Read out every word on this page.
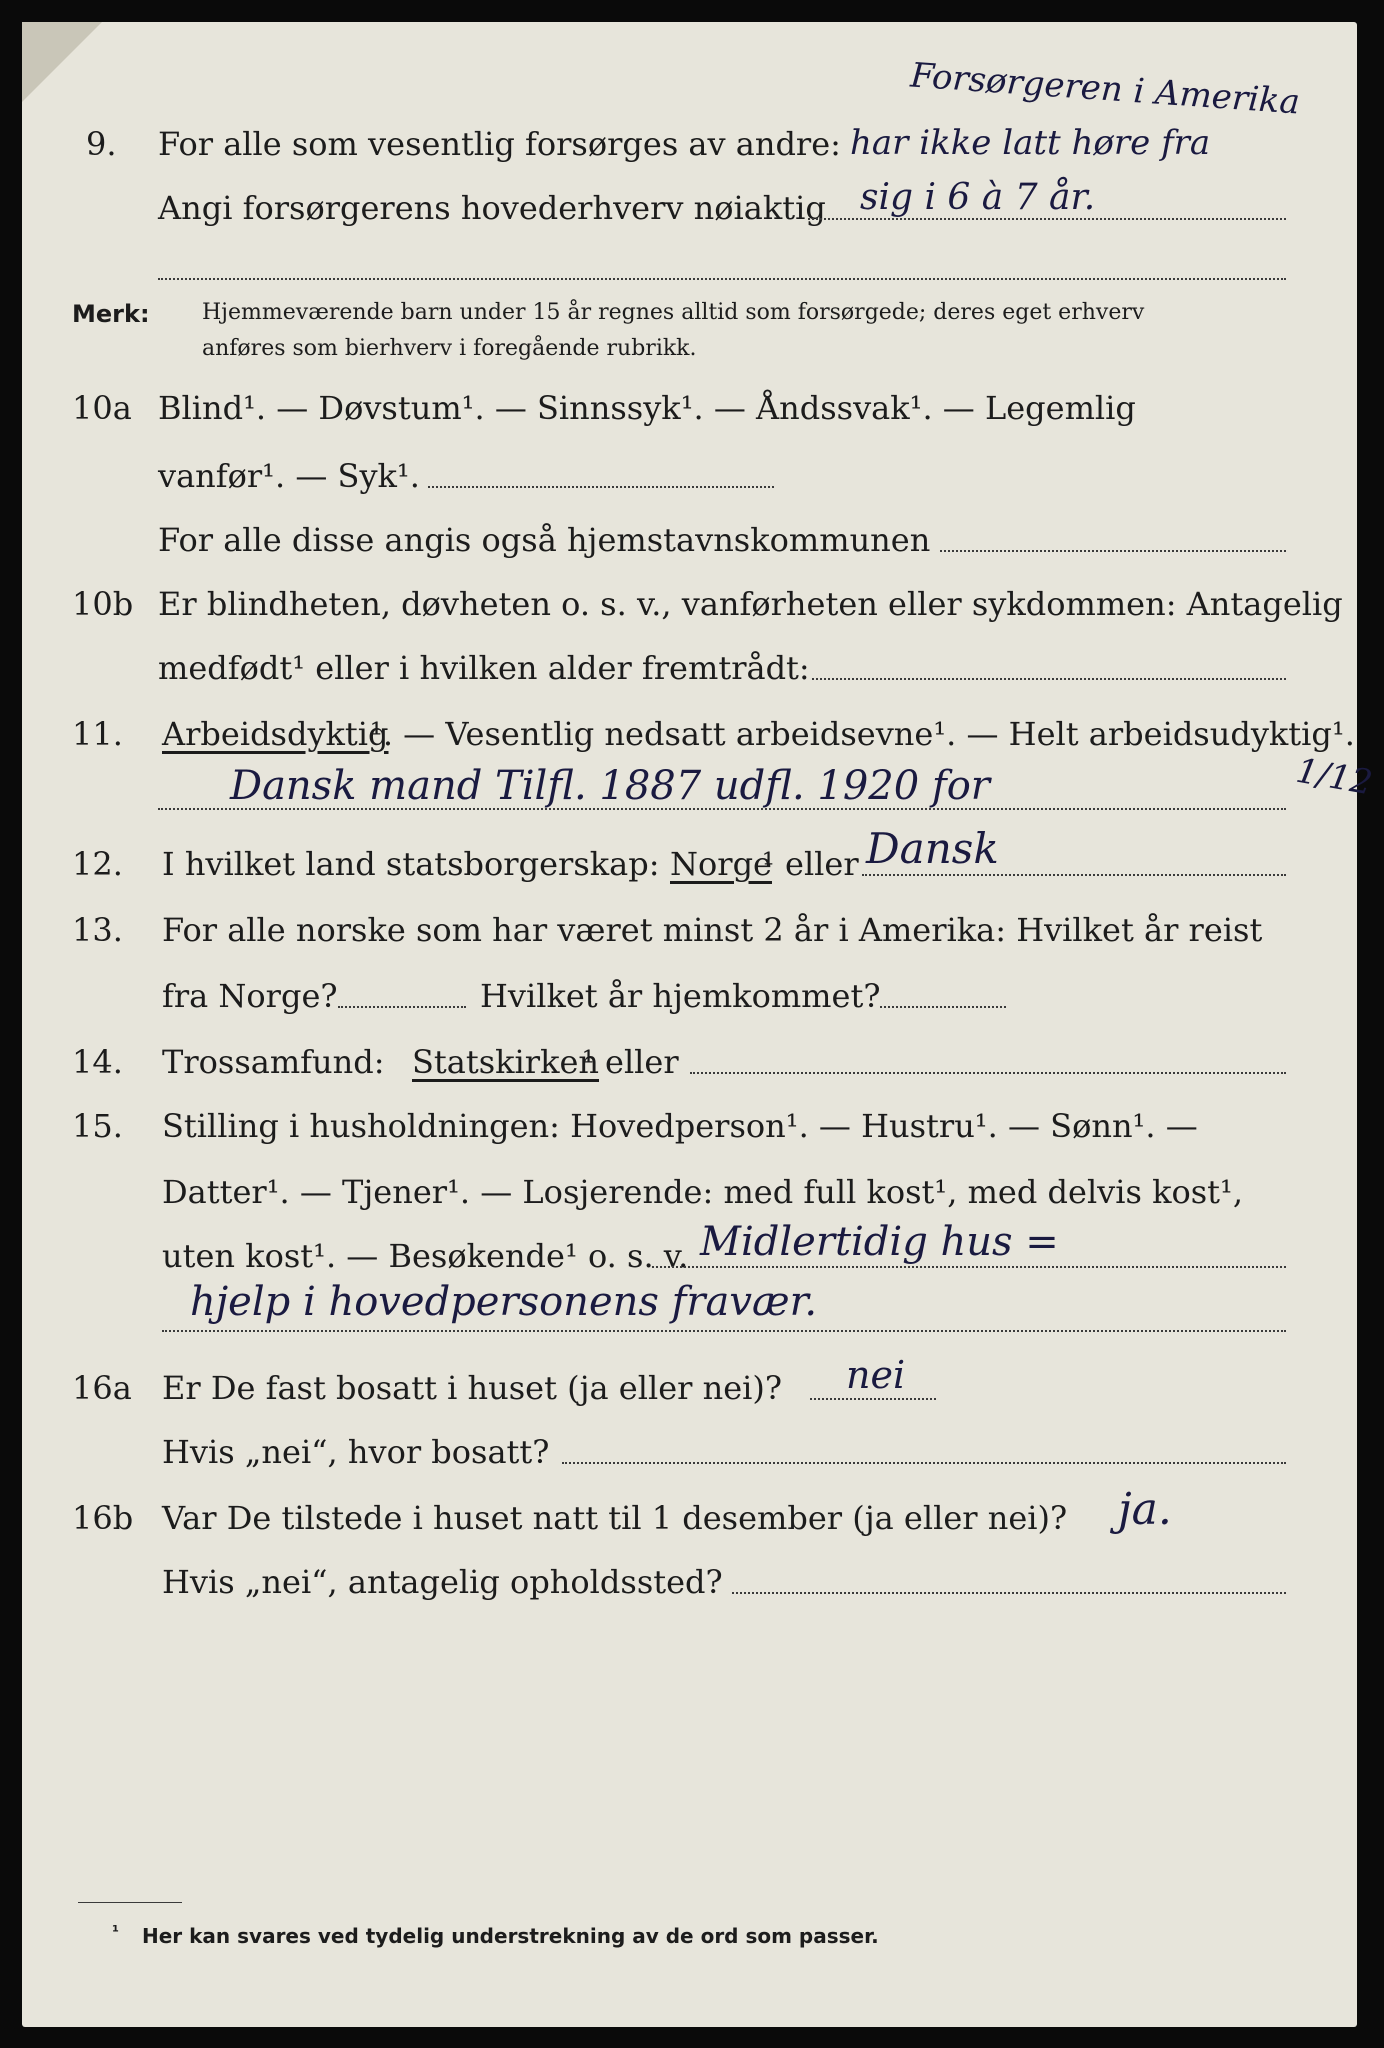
Forsørgeren i Amerika
9. For alle som vesentlig forsørges av andre: har ikke latt høre fra
Angi forsørgerens hovederhverv nøiaktig sig i 6 à 7 år.
Merk: Hjemmeværende barn under 15 år regnes alltid som forsørgede; deres eget erhverv
anføres som bierhverv i foregående rubrikk.
10a Blind¹. — Døvstum¹. — Sinnssyk¹. — Åndssvak¹. — Legemlig
vanfør¹. — Syk¹.
For alle disse angis også hjemstavnskommunen
10b Er blindheten, døvheten o. s. v., vanførheten eller sykdommen: Antagelig
medfødt¹ eller i hvilken alder fremtrådt:
11. Arbeidsdyktig
¹. — Vesentlig nedsatt arbeidsevne¹. — Helt arbeidsudyktig¹.
Dansk mand Tilfl. 1887 udfl. 1920 for	1/12
12. I hvilket land statsborgerskap: Norge
¹ eller Dansk
13. For alle norske som har været minst 2 år i Amerika: Hvilket år reist
fra Norge?	Hvilket år hjemkommet?
14. Trossamfund: Statskirken
¹ eller
15. Stilling i husholdningen: Hovedperson¹. — Hustru¹. — Sønn¹. —
Datter¹. — Tjener¹. — Losjerende: med full kost¹, med delvis kost¹,
uten kost¹. — Besøkende¹ o. s. v. Midlertidig hus =
hjelp i hovedpersonens fravær.
16a Er De fast bosatt i huset (ja eller nei)? nei
Hvis „nei“, hvor bosatt?
16b Var De tilstede i huset natt til 1 desember (ja eller nei)? ja.
Hvis „nei“, antagelig opholdssted?
¹ Her kan svares ved tydelig understrekning av de ord som passer.
